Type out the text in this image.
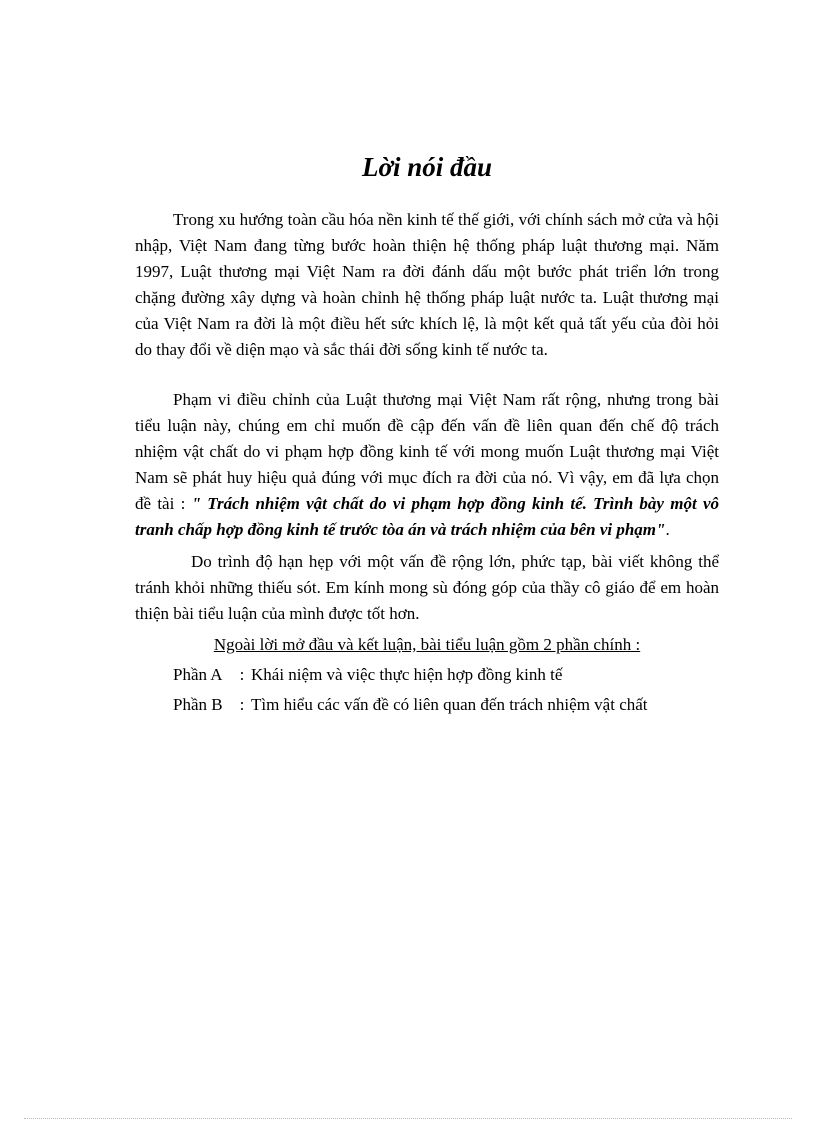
Lời nói đầu

Trong xu hướng toàn cầu hóa nền kinh tế thế giới, với chính sách mở cửa và hội nhập, Việt Nam đang từng bước hoàn thiện hệ thống pháp luật thương mại. Năm 1997, Luật thương mại Việt Nam ra đời đánh dấu một bước phát triển lớn trong chặng đường xây dựng và hoàn chỉnh hệ thống pháp luật nước ta. Luật thương mại của Việt Nam ra đời là một điều hết sức khích lệ, là một kết quả tất yếu của đòi hỏi do thay đổi về diện mạo và sắc thái đời sống kinh tế nước ta.

Phạm vi điều chỉnh của Luật thương mại Việt Nam rất rộng, nhưng trong bài tiểu luận này, chúng em chỉ muốn đề cập đến vấn đề liên quan đến chế độ trách nhiệm vật chất do vi phạm hợp đồng kinh tế với mong muốn Luật thương mại Việt Nam sẽ phát huy hiệu quả đúng với mục đích ra đời của nó. Vì vậy, em đã lựa chọn đề tài : " Trách nhiệm vật chất do vi phạm hợp đồng kinh tế. Trình bày một vô tranh chấp hợp đồng kinh tế trước tòa án và trách nhiệm của bên vi phạm".

Do trình độ hạn hẹp với một vấn đề rộng lớn, phức tạp, bài viết không thể tránh khỏi những thiếu sót. Em kính mong sù đóng góp của thầy cô giáo để em hoàn thiện bài tiểu luận của mình được tốt hơn.

Ngoài lời mở đầu và kết luận, bài tiểu luận gồm 2 phần chính :
Phần A	: Khái niệm và việc thực hiện hợp đồng kinh tế
Phần B	: Tìm hiểu các vấn đề có liên quan đến trách nhiệm vật chất
